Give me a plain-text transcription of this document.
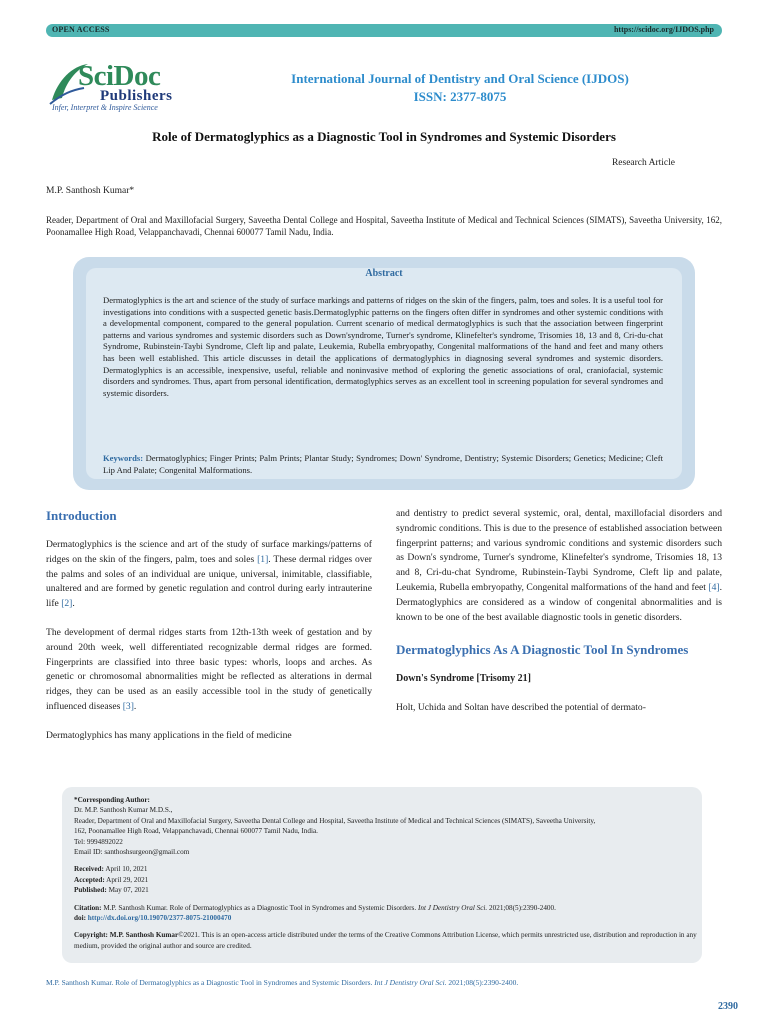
OPEN ACCESS	https://scidoc.org/IJDOS.php
SciDoc
Publishers
Infer, Interpret & Inspire Science
International Journal of Dentistry and Oral Science (IJDOS)
ISSN: 2377-8075
Role of Dermatoglyphics as a Diagnostic Tool in Syndromes and Systemic Disorders
Research Article
M.P. Santhosh Kumar*
Reader, Department of Oral and Maxillofacial Surgery, Saveetha Dental College and Hospital, Saveetha Institute of Medical and Technical Sciences (SIMATS), Saveetha University, 162, Poonamallee High Road, Velappanchavadi, Chennai 600077 Tamil Nadu, India.
Abstract
Dermatoglyphics is the art and science of the study of surface markings and patterns of ridges on the skin of the fingers, palm, toes and soles. It is a useful tool for investigations into conditions with a suspected genetic basis.Dermatoglyphic patterns on the fingers often differ in syndromes and other systemic conditions with a developmental component, compared to the general population. Current scenario of medical dermatoglyphics is such that the association between fingerprint patterns and various syndromes and systemic disorders such as Down'syndrome, Turner's syndrome, Klinefelter's syndrome, Trisomies 18, 13 and 8, Cri-du-chat Syndrome, Rubinstein-Taybi Syndrome, Cleft lip and palate, Leukemia, Rubella embryopathy, Congenital malformations of the hand and feet and many others has been well established. This article discusses in detail the applications of dermatoglyphics in diagnosing several syndromes and systemic disorders. Dermatoglyphics is an accessible, inexpensive, useful, reliable and noninvasive method of exploring the genetic associations of oral, craniofacial, systemic disorders and syndromes. Thus, apart from personal identification, dermatoglyphics serves as an excellent tool in screening population for several syndromes and systemic disorders.
Keywords: Dermatoglyphics; Finger Prints; Palm Prints; Plantar Study; Syndromes; Down' Syndrome, Dentistry; Systemic Disorders; Genetics; Medicine; Cleft Lip And Palate; Congenital Malformations.
Introduction

Dermatoglyphics is the science and art of the study of surface markings/patterns of ridges on the skin of the fingers, palm, toes and soles [1]. These dermal ridges over the palms and soles of an individual are unique, universal, inimitable, classifiable, unaltered and are formed by genetic regulation and control during early intrauterine life [2].

The development of dermal ridges starts from 12th-13th week of gestation and by around 20th week, well differentiated recognizable dermal ridges are formed. Fingerprints are classified into three basic types: whorls, loops and arches. As genetic or chromosomal abnormalities might be reflected as alterations in dermal ridges, they can be used as an easily accessible tool in the study of genetically influenced diseases [3].

Dermatoglyphics has many applications in the field of medicine

and dentistry to predict several systemic, oral, dental, maxillofacial disorders and syndromic conditions. This is due to the presence of established association between fingerprint patterns; and various syndromic conditions and systemic disorders such as Down's syndrome, Turner's syndrome, Klinefelter's syndrome, Trisomies 18, 13 and 8, Cri-du-chat Syndrome, Rubinstein-Taybi Syndrome, Cleft lip and palate, Leukemia, Rubella embryopathy, Congenital malformations of the hand and feet [4]. Dermatoglyphics are considered as a window of congenital abnormalities and is known to be one of the best available diagnostic tools in genetic disorders.

Dermatoglyphics As A Diagnostic Tool In Syndromes
Down's Syndrome [Trisomy 21]

Holt, Uchida and Soltan have described the potential of dermato-

*Corresponding Author:
Dr. M.P. Santhosh Kumar M.D.S.,
Reader, Department of Oral and Maxillofacial Surgery, Saveetha Dental College and Hospital, Saveetha Institute of Medical and Technical Sciences (SIMATS), Saveetha University,
162, Poonamallee High Road, Velappanchavadi, Chennai 600077 Tamil Nadu, India.
Tel: 9994892022
Email ID: santhoshsurgeon@gmail.com
Received: April 10, 2021
Accepted: April 29, 2021
Published: May 07, 2021
Citation: M.P. Santhosh Kumar. Role of Dermatoglyphics as a Diagnostic Tool in Syndromes and Systemic Disorders. Int J Dentistry Oral Sci. 2021;08(5):2390-2400.
doi: http://dx.doi.org/10.19070/2377-8075-21000470
Copyright: M.P. Santhosh Kumar©2021. This is an open-access article distributed under the terms of the Creative Commons Attribution License, which permits unrestricted use, distribution and reproduction in any medium, provided the original author and source are credited.
M.P. Santhosh Kumar. Role of Dermatoglyphics as a Diagnostic Tool in Syndromes and Systemic Disorders. Int J Dentistry Oral Sci. 2021;08(5):2390-2400.
2390
